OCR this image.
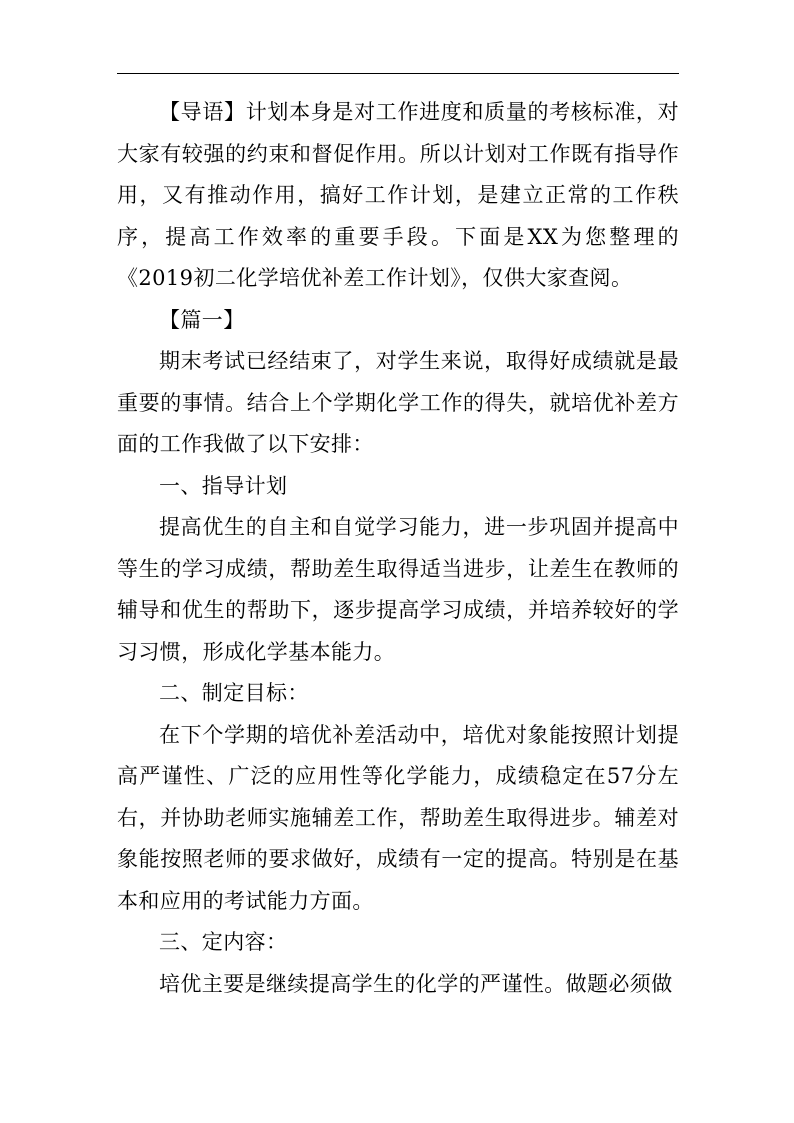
【导语】计划本身是对工作进度和质量的考核标准，对大家有较强的约束和督促作用。所以计划对工作既有指导作用，又有推动作用，搞好工作计划，是建立正常的工作秩序，提高工作效率的重要手段。下面是XX为您整理的《2019初二化学培优补差工作计划》，仅供大家查阅。

【篇一】

期末考试已经结束了，对学生来说，取得好成绩就是最重要的事情。结合上个学期化学工作的得失，就培优补差方面的工作我做了以下安排：

一、指导计划

提高优生的自主和自觉学习能力，进一步巩固并提高中等生的学习成绩，帮助差生取得适当进步，让差生在教师的辅导和优生的帮助下，逐步提高学习成绩，并培养较好的学习习惯，形成化学基本能力。

二、制定目标：

在下个学期的培优补差活动中，培优对象能按照计划提高严谨性、广泛的应用性等化学能力，成绩稳定在57分左右，并协助老师实施辅差工作，帮助差生取得进步。辅差对象能按照老师的要求做好，成绩有一定的提高。特别是在基本和应用的考试能力方面。

三、定内容：

培优主要是继续提高学生的化学的严谨性。做题必须做
